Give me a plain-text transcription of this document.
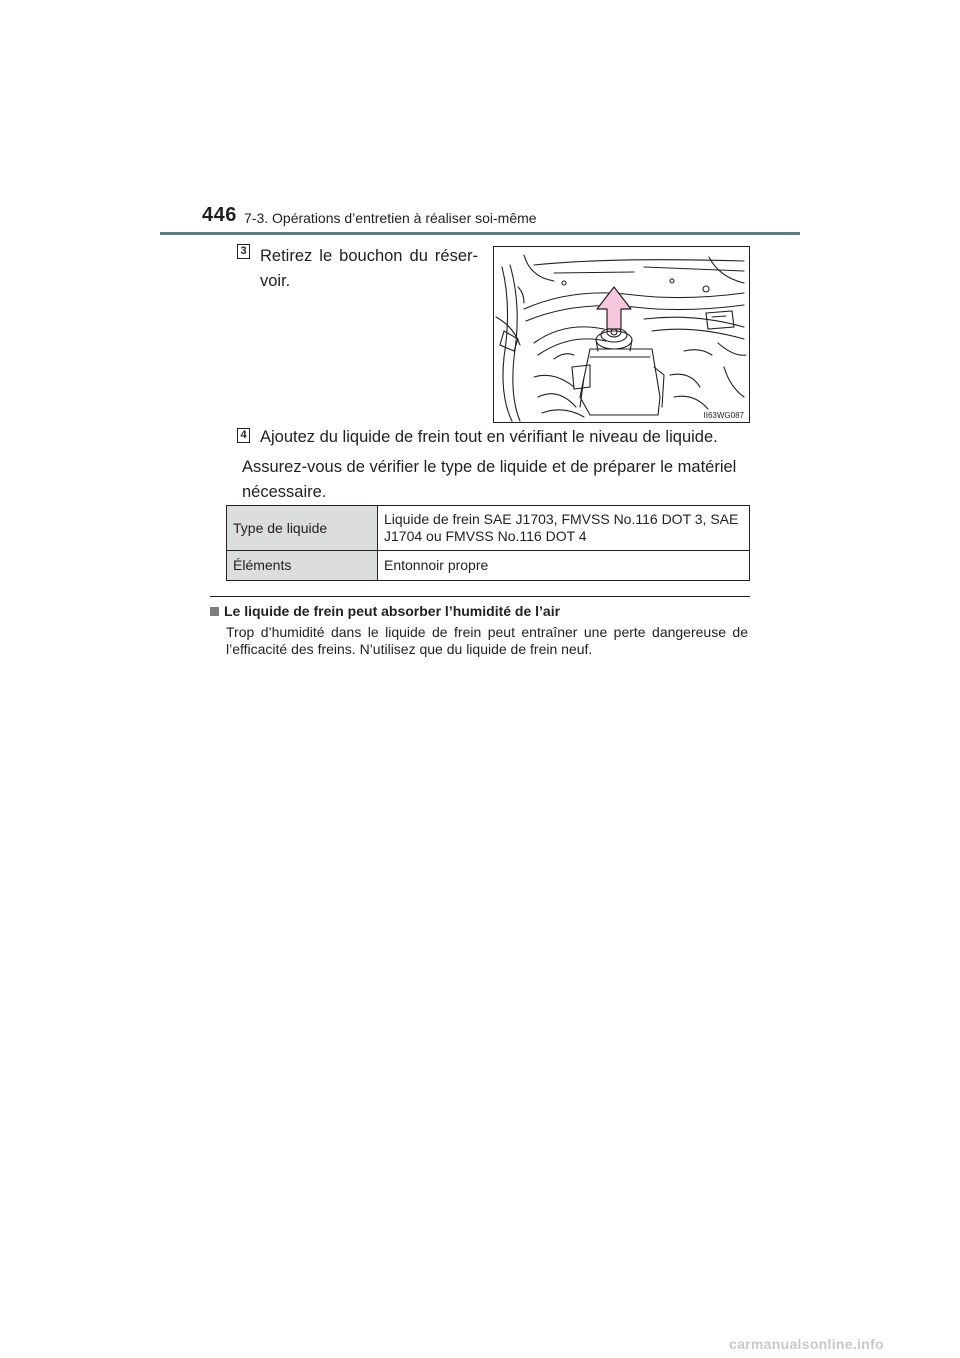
446 7-3. Opérations d’entretien à réaliser soi-même
3 Retirez le bouchon du réser-voir.
II63WG087
4 Ajoutez du liquide de frein tout en vérifiant le niveau de liquide.
Assurez-vous de vérifier le type de liquide et de préparer le matériel nécessaire.
Type de liquide	Liquide de frein SAE J1703, FMVSS No.116 DOT 3, SAE J1704 ou FMVSS No.116 DOT 4
Éléments	Entonnoir propre
Le liquide de frein peut absorber l’humidité de l’air
Trop d’humidité dans le liquide de frein peut entraîner une perte dangereuse de l’efficacité des freins. N’utilisez que du liquide de frein neuf.
carmanualsonline.info
